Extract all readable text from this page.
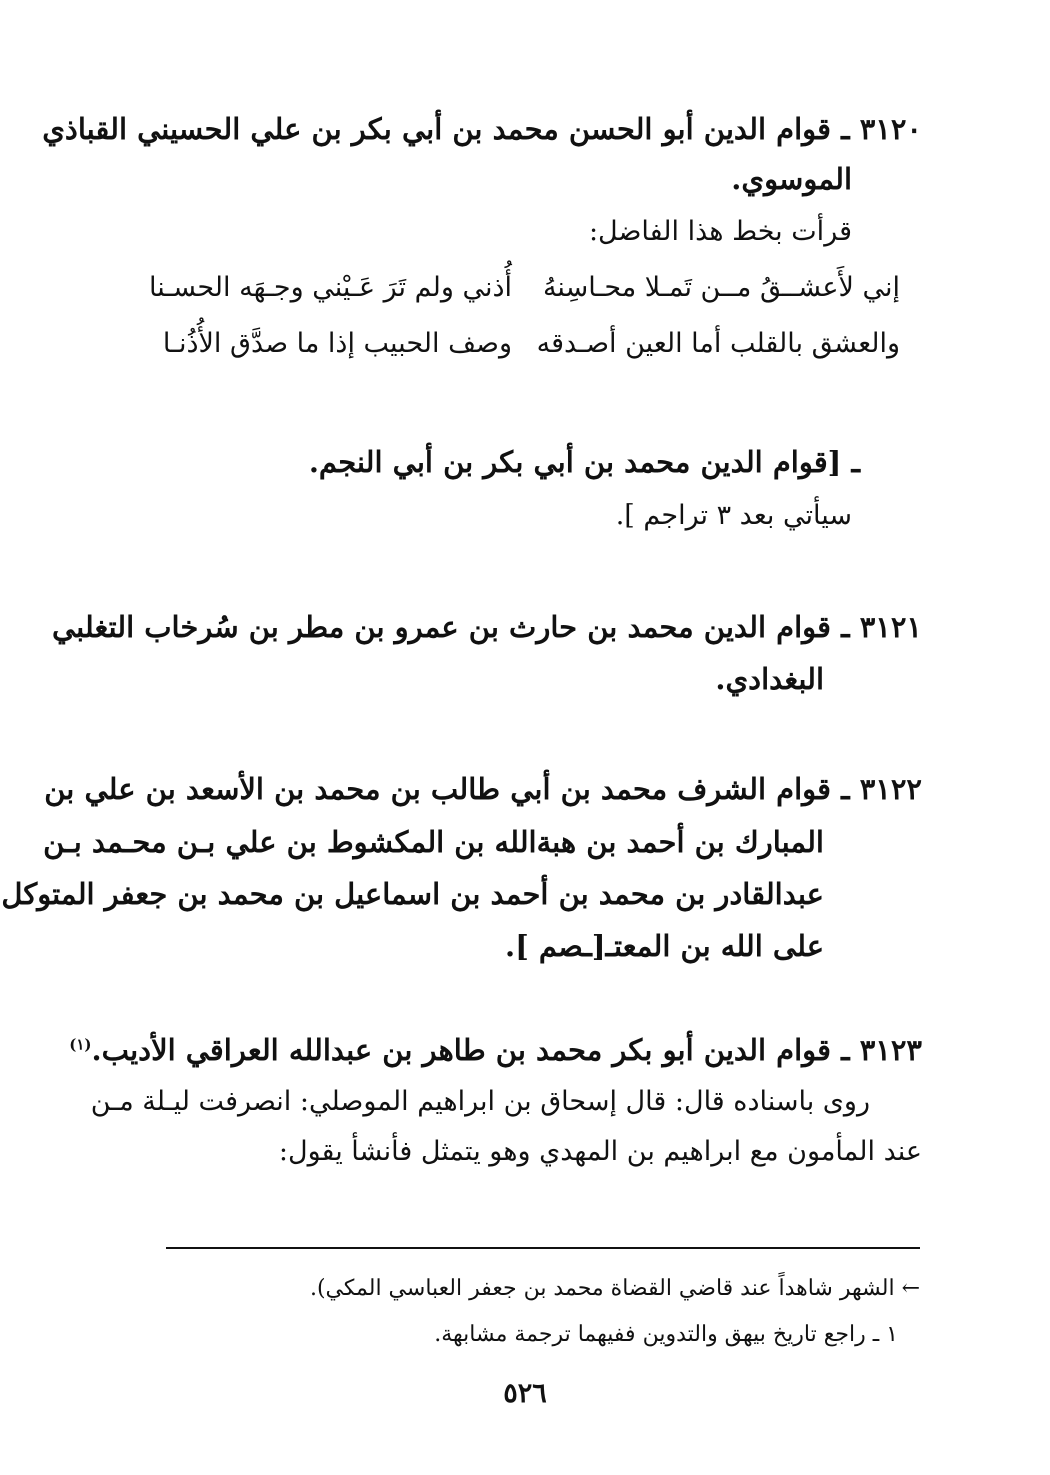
٣١٢٠ ـ قوام الدين أبو الحسن محمد بن أبي بكر بن علي الحسيني القباذي
الموسوي.
قرأت بخط هذا الفاضل:
إني لأَعشــقُ مــن تَمـلا محـاسِنهُ
أُذني ولم تَرَ عَـيْني وجـهَه الحسـنا
والعشق بالقلب أما العين أصـدقه
وصف الحبيب إذا ما صدَّق الأُذُنـا
ـ [قوام الدين محمد بن أبي بكر بن أبي النجم.
سيأتي بعد ٣ تراجم ].
٣١٢١ ـ قوام الدين محمد بن حارث بن عمرو بن مطر بن سُرخاب التغلبي
البغدادي.
٣١٢٢ ـ قوام الشرف محمد بن أبي طالب بن محمد بن الأسعد بن علي بن
المبارك بن أحمد بن هبةالله بن المكشوط بن علي بـن محـمد بـن
عبدالقادر بن محمد بن أحمد بن اسماعيل بن محمد بن جعفر المتوكل
على الله بن المعتـ[ـصم ].
٣١٢٣ ـ قوام الدين أبو بكر محمد بن طاهر بن عبدالله العراقي الأديب.$^{(١)}$
روى باسناده قال: قال إسحاق بن ابراهيم الموصلي: انصرفت ليـلة مـن
عند المأمون مع ابراهيم بن المهدي وهو يتمثل فأنشأ يقول:
← الشهر شاهداً عند قاضي القضاة محمد بن جعفر العباسي المكي).
١ ـ راجع تاريخ بيهق والتدوين ففيهما ترجمة مشابهة.
٥٢٦
